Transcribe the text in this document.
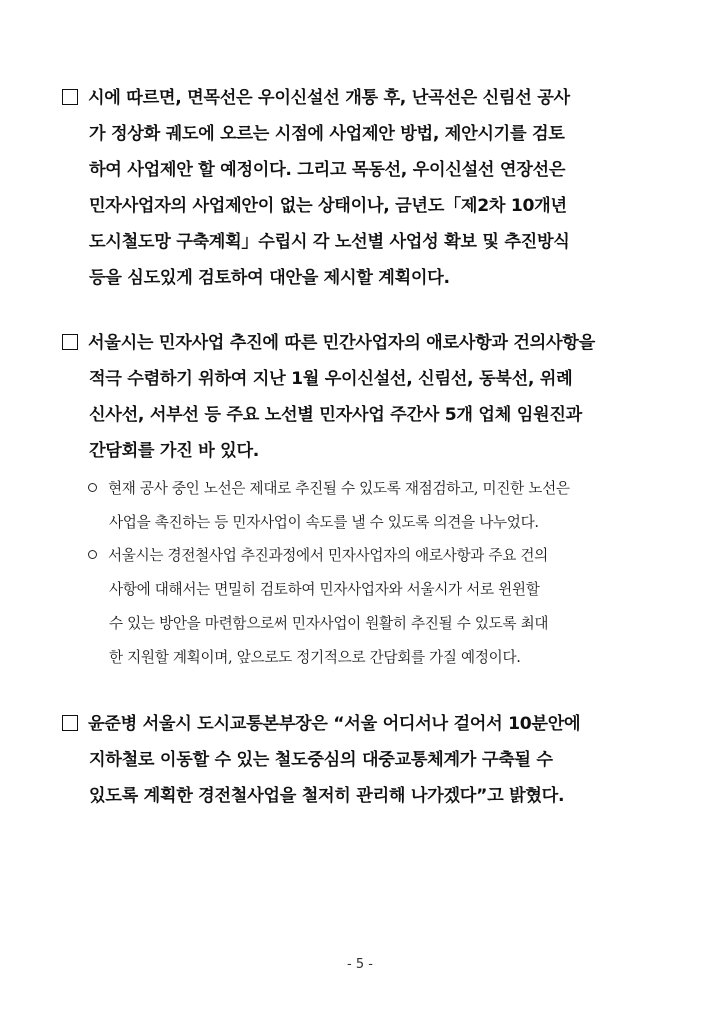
시에 따르면, 면목선은 우이신설선 개통 후, 난곡선은 신림선 공사
가 정상화 궤도에 오르는 시점에 사업제안 방법, 제안시기를 검토
하여 사업제안 할 예정이다. 그리고 목동선, 우이신설선 연장선은
민자사업자의 사업제안이 없는 상태이나, 금년도「제2차 10개년
도시철도망 구축계획」수립시 각 노선별 사업성 확보 및 추진방식
등을 심도있게 검토하여 대안을 제시할 계획이다.
서울시는 민자사업 추진에 따른 민간사업자의 애로사항과 건의사항을
적극 수렴하기 위하여 지난 1월 우이신설선, 신림선, 동북선, 위례
신사선, 서부선 등 주요 노선별 민자사업 주간사 5개 업체 임원진과
간담회를 가진 바 있다.
현재 공사 중인 노선은 제대로 추진될 수 있도록 재점검하고, 미진한 노선은
사업을 촉진하는 등 민자사업이 속도를 낼 수 있도록 의견을 나누었다.
서울시는 경전철사업 추진과정에서 민자사업자의 애로사항과 주요 건의
사항에 대해서는 면밀히 검토하여 민자사업자와 서울시가 서로 윈윈할
수 있는 방안을 마련함으로써 민자사업이 원활히 추진될 수 있도록 최대
한 지원할 계획이며, 앞으로도 정기적으로 간담회를 가질 예정이다.
윤준병 서울시 도시교통본부장은 “서울 어디서나 걸어서 10분안에
지하철로 이동할 수 있는 철도중심의 대중교통체계가 구축될 수
있도록 계획한 경전철사업을 철저히 관리해 나가겠다”고 밝혔다.
- 5 -
